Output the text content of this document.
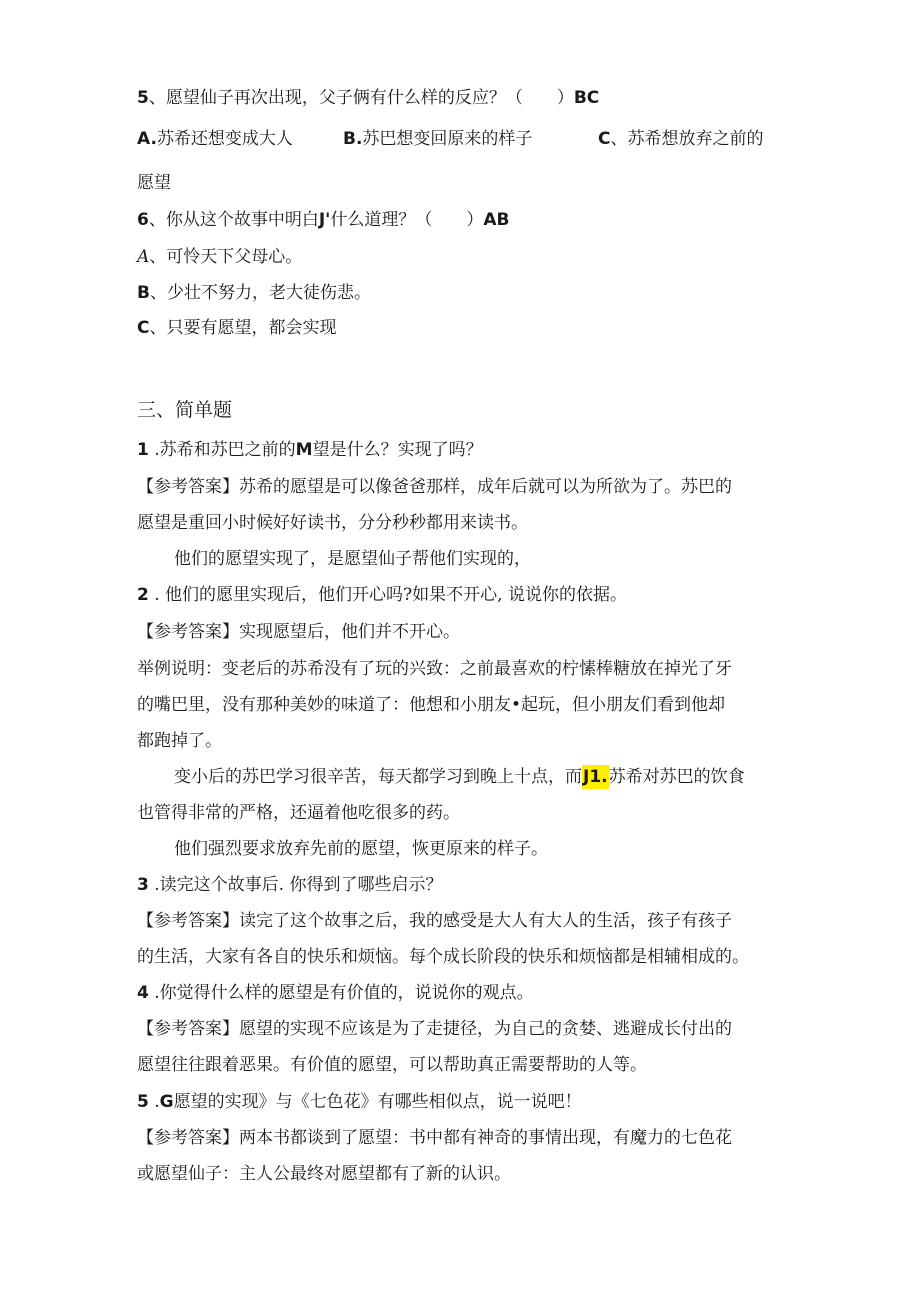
5、愿望仙子再次出现，父子俩有什么样的反应？（　　）BC

A.苏希还想变成大人	B.苏巴想变回原来的样子	C、苏希想放弃之前的

愿望

6、你从这个故事中明白J'什么道理？（　　）AB

A、可怜天下父母心。

B、少壮不努力，老大徒伤悲。

C、只要有愿望，都会实现

三、简单题

1 .苏希和苏巴之前的M望是什么？实现了吗？

【参考答案】苏希的愿望是可以像爸爸那样，成年后就可以为所欲为了。苏巴的

愿望是重回小时候好好读书，分分秒秒都用来读书。

他们的愿望实现了，是愿望仙子帮他们实现的，

2 . 他们的愿里实现后，他们开心吗?如果不开心, 说说你的依据。

【参考答案】实现愿望后，他们并不开心。

举例说明：变老后的苏希没有了玩的兴致：之前最喜欢的柠愫棒糖放在掉光了牙

的嘴巴里，没有那种美妙的味道了：他想和小朋友•起玩，但小朋友们看到他却

都跑掉了。

变小后的苏巴学习很辛苦，每天都学习到晚上十点，而J1.苏希对苏巴的饮食

也管得非常的严格，还逼着他吃很多的药。

他们强烈要求放弃先前的愿望，恢更原来的样子。

3 .读完这个故事后. 你得到了哪些启示？

【参考答案】读完了这个故事之后，我的感受是大人有大人的生活，孩子有孩子

的生活，大家有各自的快乐和烦恼。每个成长阶段的快乐和烦恼都是相辅相成的。

4 .你觉得什么样的愿望是有价值的，说说你的观点。

【参考答案】愿望的实现不应该是为了走捷径，为自己的贪婪、逃避成长付出的

愿望往往跟着恶果。有价值的愿望，可以帮助真正需要帮助的人等。

5 .G愿望的实现》与《七色花》有哪些相似点，说一说吧！

【参考答案】两本书都谈到了愿望：书中都有神奇的事情出现，有魔力的七色花

或愿望仙子：主人公最终对愿望都有了新的认识。
